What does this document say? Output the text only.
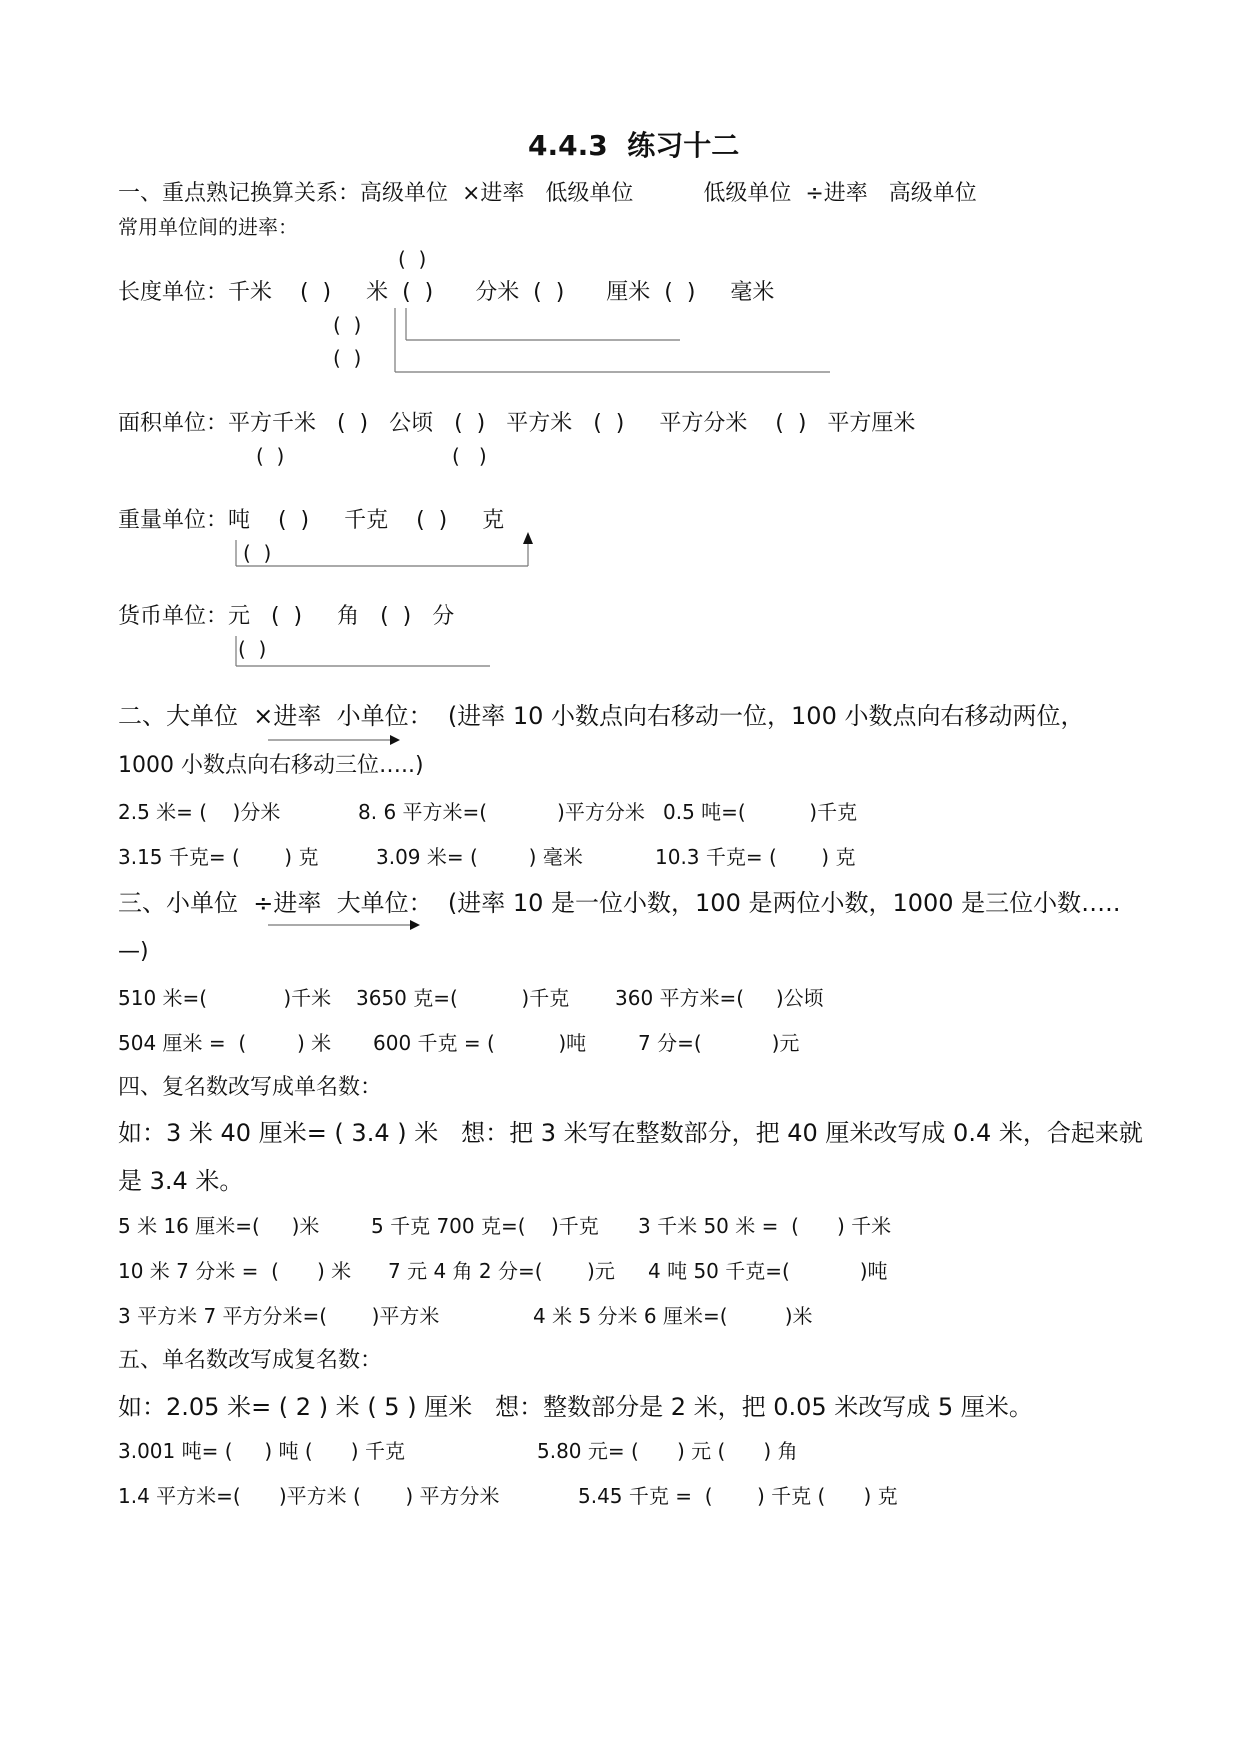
4.4.3  练习十二
一、重点熟记换算关系：高级单位  ×进率   低级单位          低级单位  ÷进率   高级单位
常用单位间的进率：
(  )
长度单位：千米    (  )     米  (  )      分米  (  )      厘米  (  )     毫米
(  )
(  )
面积单位：平方千米   (  )   公顷   (  )   平方米   (  )     平方分米    (  )   平方厘米
(  )	(   )
重量单位：吨    (  )     千克    (  )     克
(  )
货币单位：元   (  )     角   (  )   分
(  )
二、大单位  ×进率  小单位：  (进率 10 小数点向右移动一位，100 小数点向右移动两位，
1000 小数点向右移动三位…..)
2.5 米= (    )分米	8. 6 平方米=(           )平方分米 0.5 吨=(          )千克
3.15 千克= (       ) 克	3.09 米= (        ) 毫米	10.3 千克= (       ) 克
三、小单位  ÷进率  大单位：  (进率 10 是一位小数，100 是两位小数，1000 是三位小数…..
—)
510 米=(            )千米 3650 克=(          )千克 360 平方米=(     )公顷
504 厘米 =  (        ) 米 600 千克 = (          )吨	7 分=(           )元
四、复名数改写成单名数：
如：3 米 40 厘米= ( 3.4 ) 米   想：把 3 米写在整数部分，把 40 厘米改写成 0.4 米，合起来就
是 3.4 米。
5 米 16 厘米=(     )米	5 千克 700 克=(    )千克 3 千米 50 米 =  (      ) 千米
10 米 7 分米 =  (      ) 米 7 元 4 角 2 分=(       )元 4 吨 50 千克=(           )吨
3 平方米 7 平方分米=(       )平方米	4 米 5 分米 6 厘米=(         )米
五、单名数改写成复名数：
如：2.05 米= ( 2 ) 米 ( 5 ) 厘米   想：整数部分是 2 米，把 0.05 米改写成 5 厘米。
3.001 吨= (     ) 吨 (      ) 千克	5.80 元= (      ) 元 (      ) 角
1.4 平方米=(      )平方米 (       ) 平方分米	5.45 千克 =  (       ) 千克 (      ) 克
